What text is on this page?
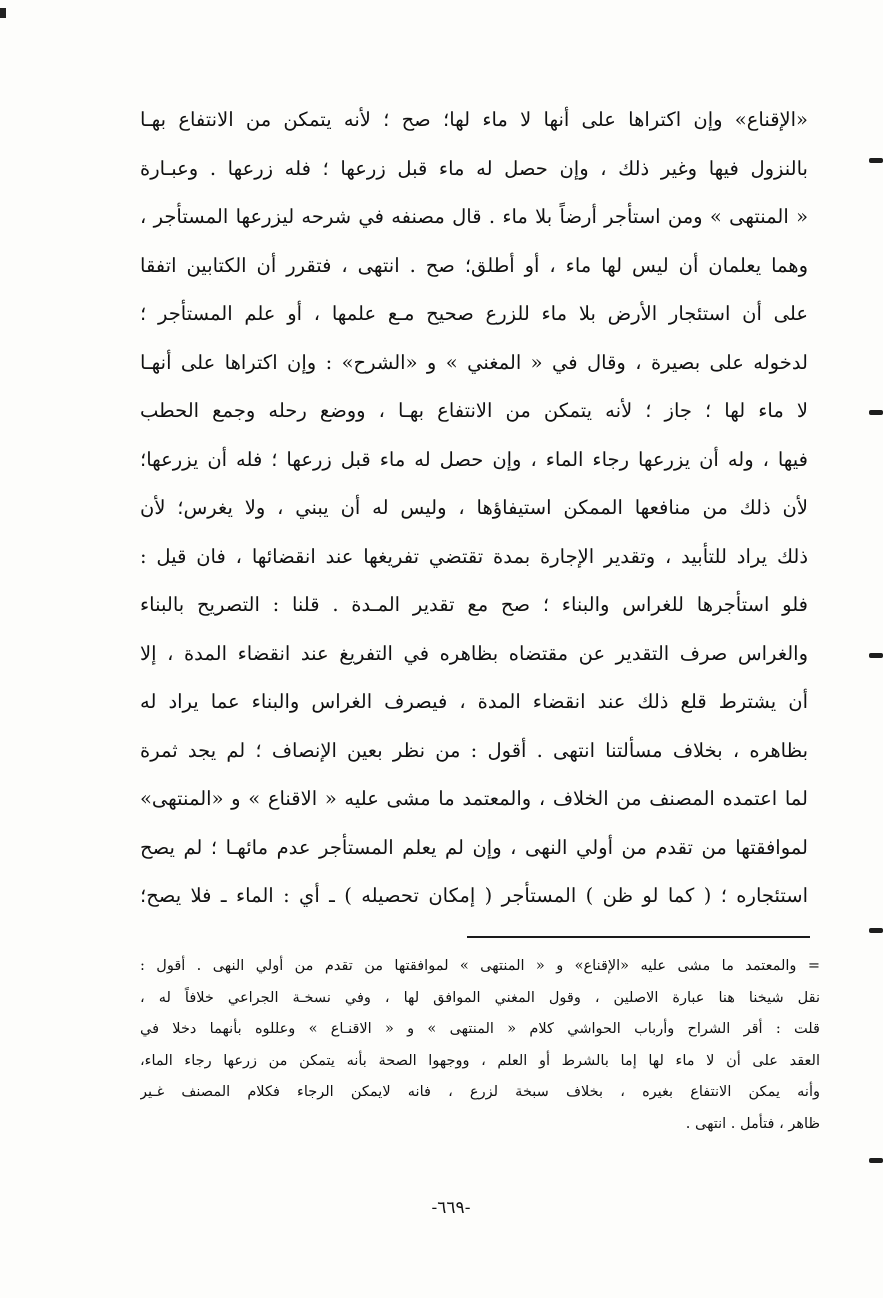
«الإقناع» وإن اكتراها على أنها لا ماء لها؛ صح ؛ لأنه يتمكن من الانتفاع بهـا
بالنزول فيها وغير ذلك ، وإن حصل له ماء قبل زرعها ؛ فله زرعها . وعبـارة
« المنتهى » ومن استأجر أرضاً بلا ماء . قال مصنفه في شرحه ليزرعها المستأجر ،
وهما يعلمان أن ليس لها ماء ، أو أطلق؛ صح . انتهى ، فتقرر أن الكتابين اتفقا
على أن استئجار الأرض بلا ماء للزرع صحيح مـع علمها ، أو علم المستأجر ؛
لدخوله على بصيرة ، وقال في « المغني » و «الشرح» : وإن اكتراها على أنهـا
لا ماء لها ؛ جاز ؛ لأنه يتمكن من الانتفاع بهـا ، ووضع رحله وجمع الحطب
فيها ، وله أن يزرعها رجاء الماء ، وإن حصل له ماء قبل زرعها ؛ فله أن يزرعها؛
لأن ذلك من منافعها الممكن استيفاؤها ، وليس له أن يبني ، ولا يغرس؛ لأن
ذلك يراد للتأبيد ، وتقدير الإجارة بمدة تقتضي تفريغها عند انقضائها ، فان قيل :
فلو استأجرها للغراس والبناء ؛ صح مع تقدير المـدة . قلنا : التصريح بالبناء
والغراس صرف التقدير عن مقتضاه بظاهره في التفريغ عند انقضاء المدة ، إلا
أن يشترط قلع ذلك عند انقضاء المدة ، فيصرف الغراس والبناء عما يراد له
بظاهره ، بخلاف مسألتنا انتهى . أقول : من نظر بعين الإنصاف ؛ لم يجد ثمرة
لما اعتمده المصنف من الخلاف ، والمعتمد ما مشى عليه « الاقناع » و «المنتهى»
لموافقتها من تقدم من أولي النهى ، وإن لم يعلم المستأجر عدم مائهـا ؛ لم يصح
استئجاره ؛ ( كما لو ظن ) المستأجر ( إمكان تحصيله ) ـ أي : الماء ـ فلا يصح؛
= والمعتمد ما مشى عليه «الإقناع» و « المنتهى » لموافقتها من تقدم من أولي النهى . أقول :
نقل شيخنا هنا عبارة الاصلين ، وقول المغني الموافق لها ، وفي نسخـة الجراعي خلافاً له ،
قلت : أقر الشراح وأرباب الحواشي كلام « المنتهى » و « الاقنـاع » وعللوه بأنهما دخلا في
العقد على أن لا ماء لها إما بالشرط أو العلم ، ووجهوا الصحة بأنه يتمكن من زرعها رجاء الماء،
وأنه يمكن الانتفاع بغيره ، بخلاف سبخة لزرع ، فانه لايمكن الرجاء فكلام المصنف غـير
ظاهر ، فتأمل . انتهى .
-٦٦٩-
